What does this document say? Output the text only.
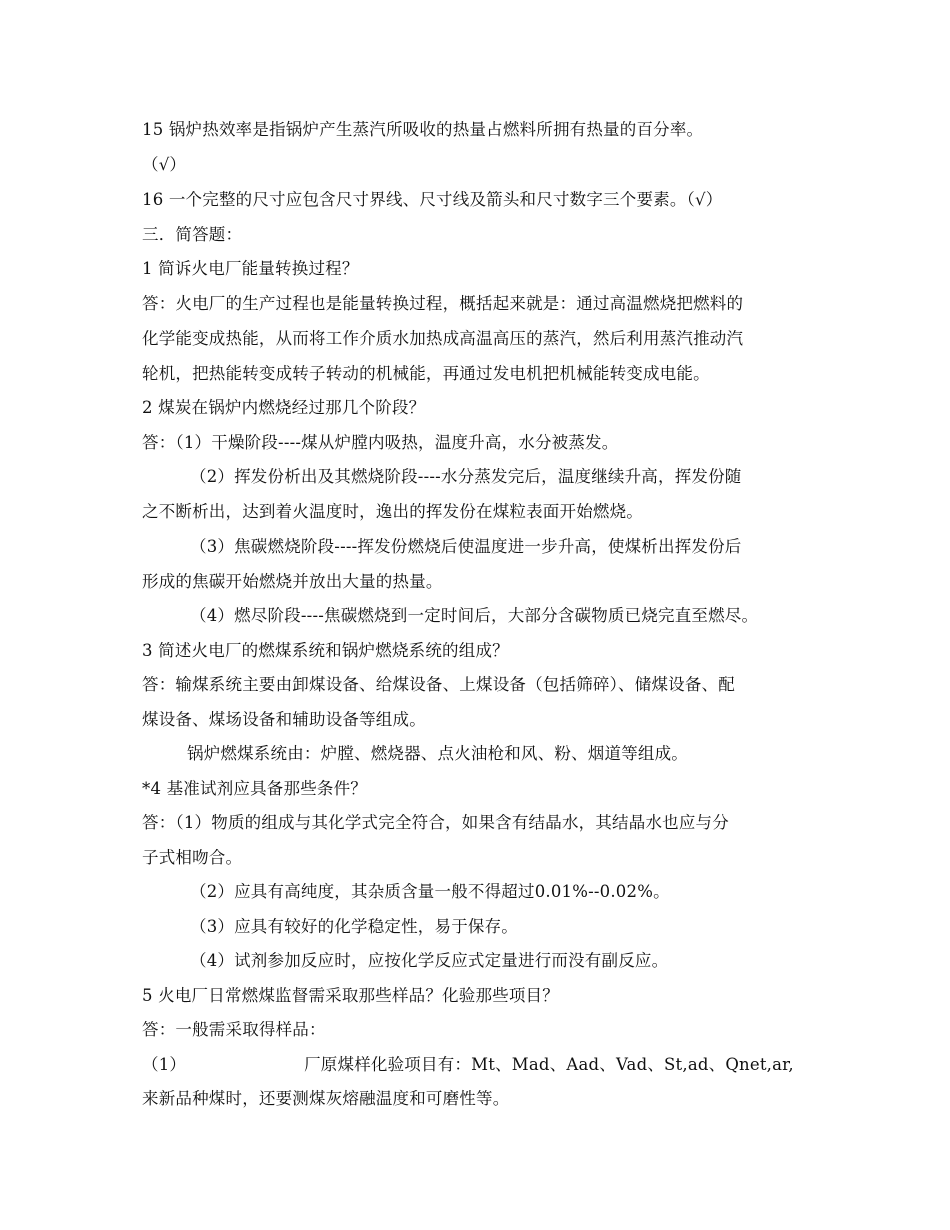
15 锅炉热效率是指锅炉产生蒸汽所吸收的热量占燃料所拥有热量的百分率。
（√）
16 一个完整的尺寸应包含尺寸界线、尺寸线及箭头和尺寸数字三个要素。（√）
三．简答题：
1 简诉火电厂能量转换过程？
答：火电厂的生产过程也是能量转换过程，概括起来就是：通过高温燃烧把燃料的
化学能变成热能，从而将工作介质水加热成高温高压的蒸汽，然后利用蒸汽推动汽
轮机，把热能转变成转子转动的机械能，再通过发电机把机械能转变成电能。
2 煤炭在锅炉内燃烧经过那几个阶段？
答：（1）干燥阶段----煤从炉膛内吸热，温度升高，水分被蒸发。
（2）挥发份析出及其燃烧阶段----水分蒸发完后，温度继续升高，挥发份随
之不断析出，达到着火温度时，逸出的挥发份在煤粒表面开始燃烧。
（3）焦碳燃烧阶段----挥发份燃烧后使温度进一步升高，使煤析出挥发份后
形成的焦碳开始燃烧并放出大量的热量。
（4）燃尽阶段----焦碳燃烧到一定时间后，大部分含碳物质已烧完直至燃尽。
3 简述火电厂的燃煤系统和锅炉燃烧系统的组成？
答：输煤系统主要由卸煤设备、给煤设备、上煤设备（包括筛碎）、储煤设备、配
煤设备、煤场设备和辅助设备等组成。
锅炉燃煤系统由：炉膛、燃烧器、点火油枪和风、粉、烟道等组成。
*4 基准试剂应具备那些条件？
答：（1）物质的组成与其化学式完全符合，如果含有结晶水，其结晶水也应与分
子式相吻合。
（2）应具有高纯度，其杂质含量一般不得超过0.01%--0.02%。
（3）应具有较好的化学稳定性，易于保存。
（4）试剂参加反应时，应按化学反应式定量进行而没有副反应。
5 火电厂日常燃煤监督需采取那些样品？化验那些项目？
答：一般需采取得样品：
（1）	厂原煤样化验项目有：Mt、Mad、Aad、Vad、St,ad、Qnet,ar,
来新品种煤时，还要测煤灰熔融温度和可磨性等。
